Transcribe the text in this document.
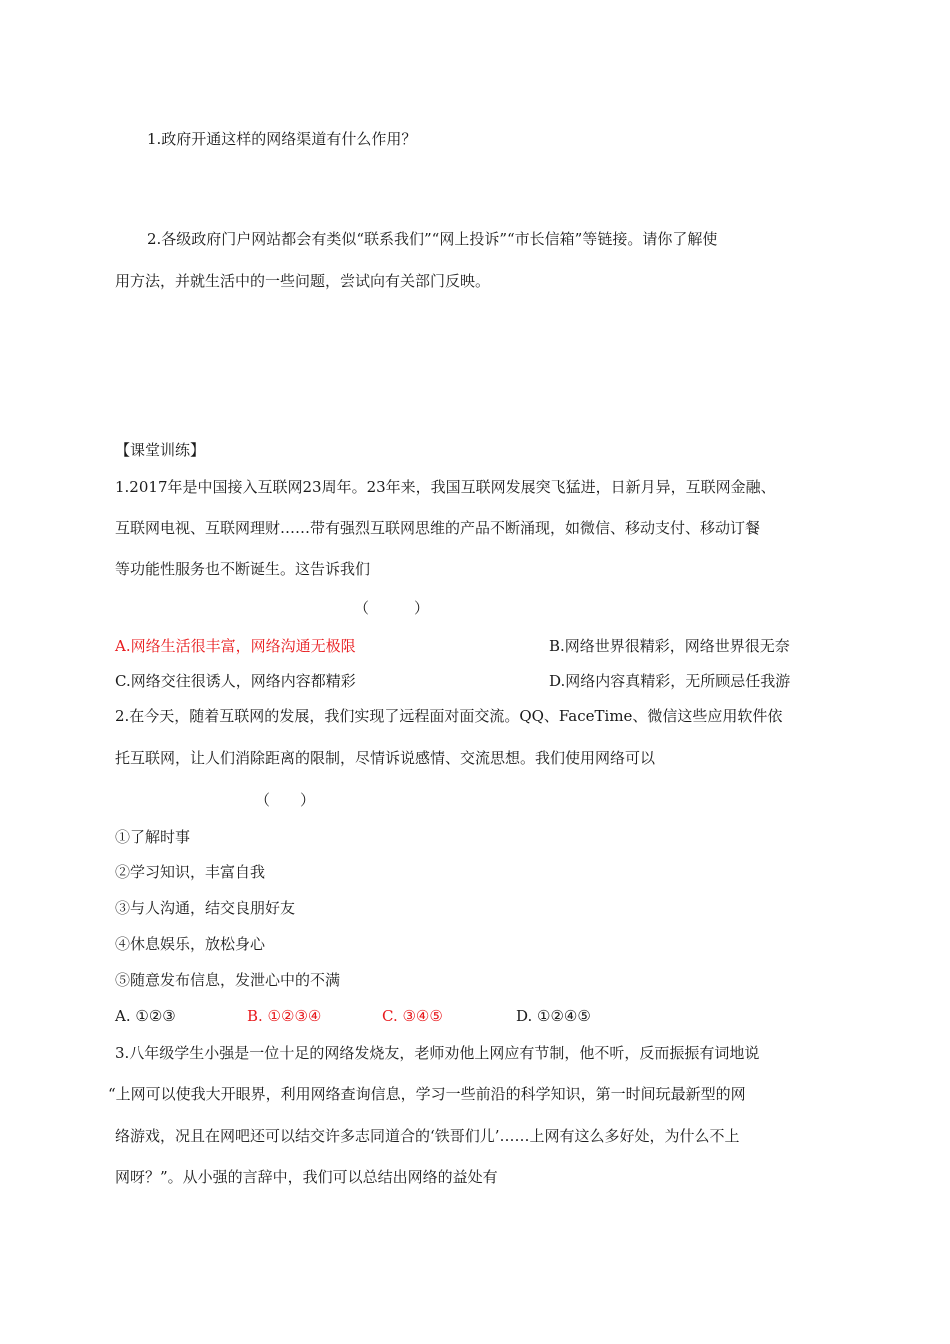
1.政府开通这样的网络渠道有什么作用？
2.各级政府门户网站都会有类似“联系我们”“网上投诉”“市长信箱”等链接。请你了解使
用方法，并就生活中的一些问题，尝试向有关部门反映。
【课堂训练】
1.2017年是中国接入互联网23周年。23年来，我国互联网发展突飞猛进，日新月异，互联网金融、
互联网电视、互联网理财……带有强烈互联网思维的产品不断涌现，如微信、移动支付、移动订餐
等功能性服务也不断诞生。这告诉我们
（　　　）
A.网络生活很丰富，网络沟通无极限	B.网络世界很精彩，网络世界很无奈
C.网络交往很诱人，网络内容都精彩	D.网络内容真精彩，无所顾忌任我游
2.在今天，随着互联网的发展，我们实现了远程面对面交流。QQ、FaceTime、微信这些应用软件依
托互联网，让人们消除距离的限制，尽情诉说感情、交流思想。我们使用网络可以
（　　）
①了解时事
②学习知识，丰富自我
③与人沟通，结交良朋好友
④休息娱乐，放松身心
⑤随意发布信息，发泄心中的不满
A. ①②③	B. ①②③④	C. ③④⑤	D. ①②④⑤
3.八年级学生小强是一位十足的网络发烧友，老师劝他上网应有节制，他不听，反而振振有词地说
“上网可以使我大开眼界，利用网络查询信息，学习一些前沿的科学知识，第一时间玩最新型的网
络游戏，况且在网吧还可以结交许多志同道合的‘铁哥们儿’……上网有这么多好处，为什么不上
网呀？”。从小强的言辞中，我们可以总结出网络的益处有
